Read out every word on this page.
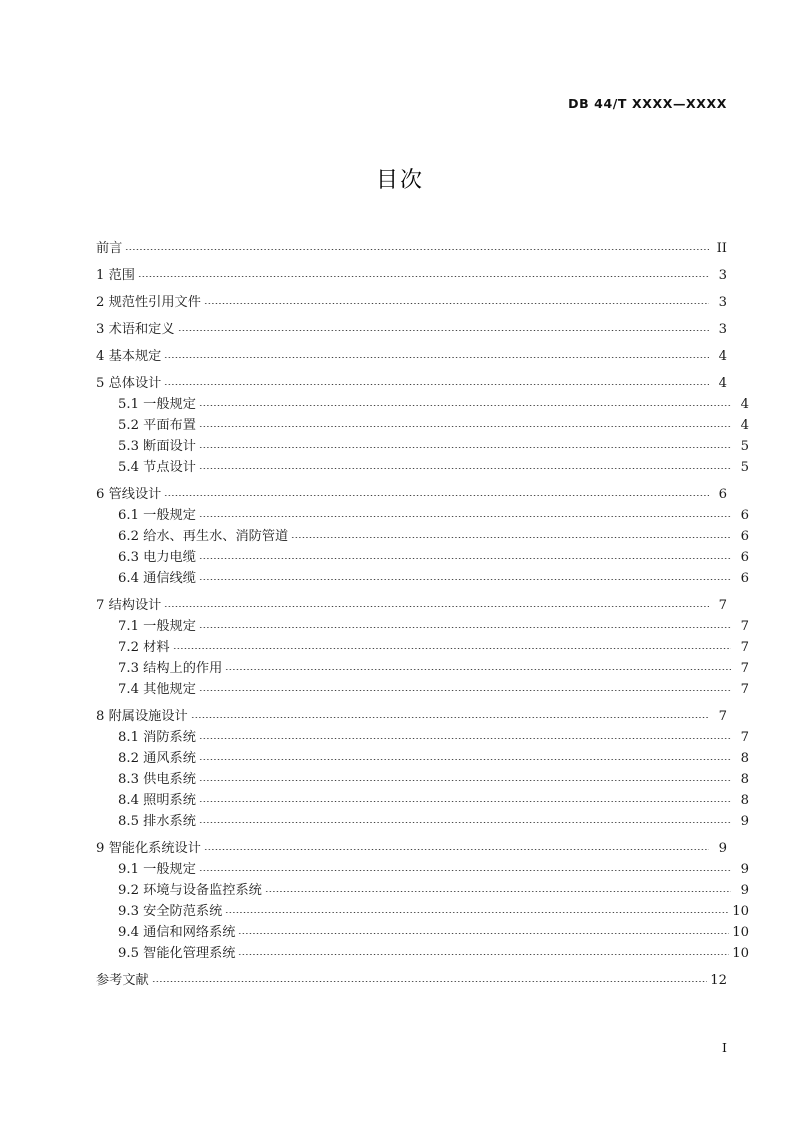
DB 44/T XXXX—XXXX
目次
前言	II
1 范围	3
2 规范性引用文件	3
3 术语和定义	3
4 基本规定	4
5 总体设计	4
5.1 一般规定	4
5.2 平面布置	4
5.3 断面设计	5
5.4 节点设计	5
6 管线设计	6
6.1 一般规定	6
6.2 给水、再生水、消防管道	6
6.3 电力电缆	6
6.4 通信线缆	6
7 结构设计	7
7.1 一般规定	7
7.2 材料	7
7.3 结构上的作用	7
7.4 其他规定	7
8 附属设施设计	7
8.1 消防系统	7
8.2 通风系统	8
8.3 供电系统	8
8.4 照明系统	8
8.5 排水系统	9
9 智能化系统设计	9
9.1 一般规定	9
9.2 环境与设备监控系统	9
9.3 安全防范系统	10
9.4 通信和网络系统	10
9.5 智能化管理系统	10
参考文献	12
I
